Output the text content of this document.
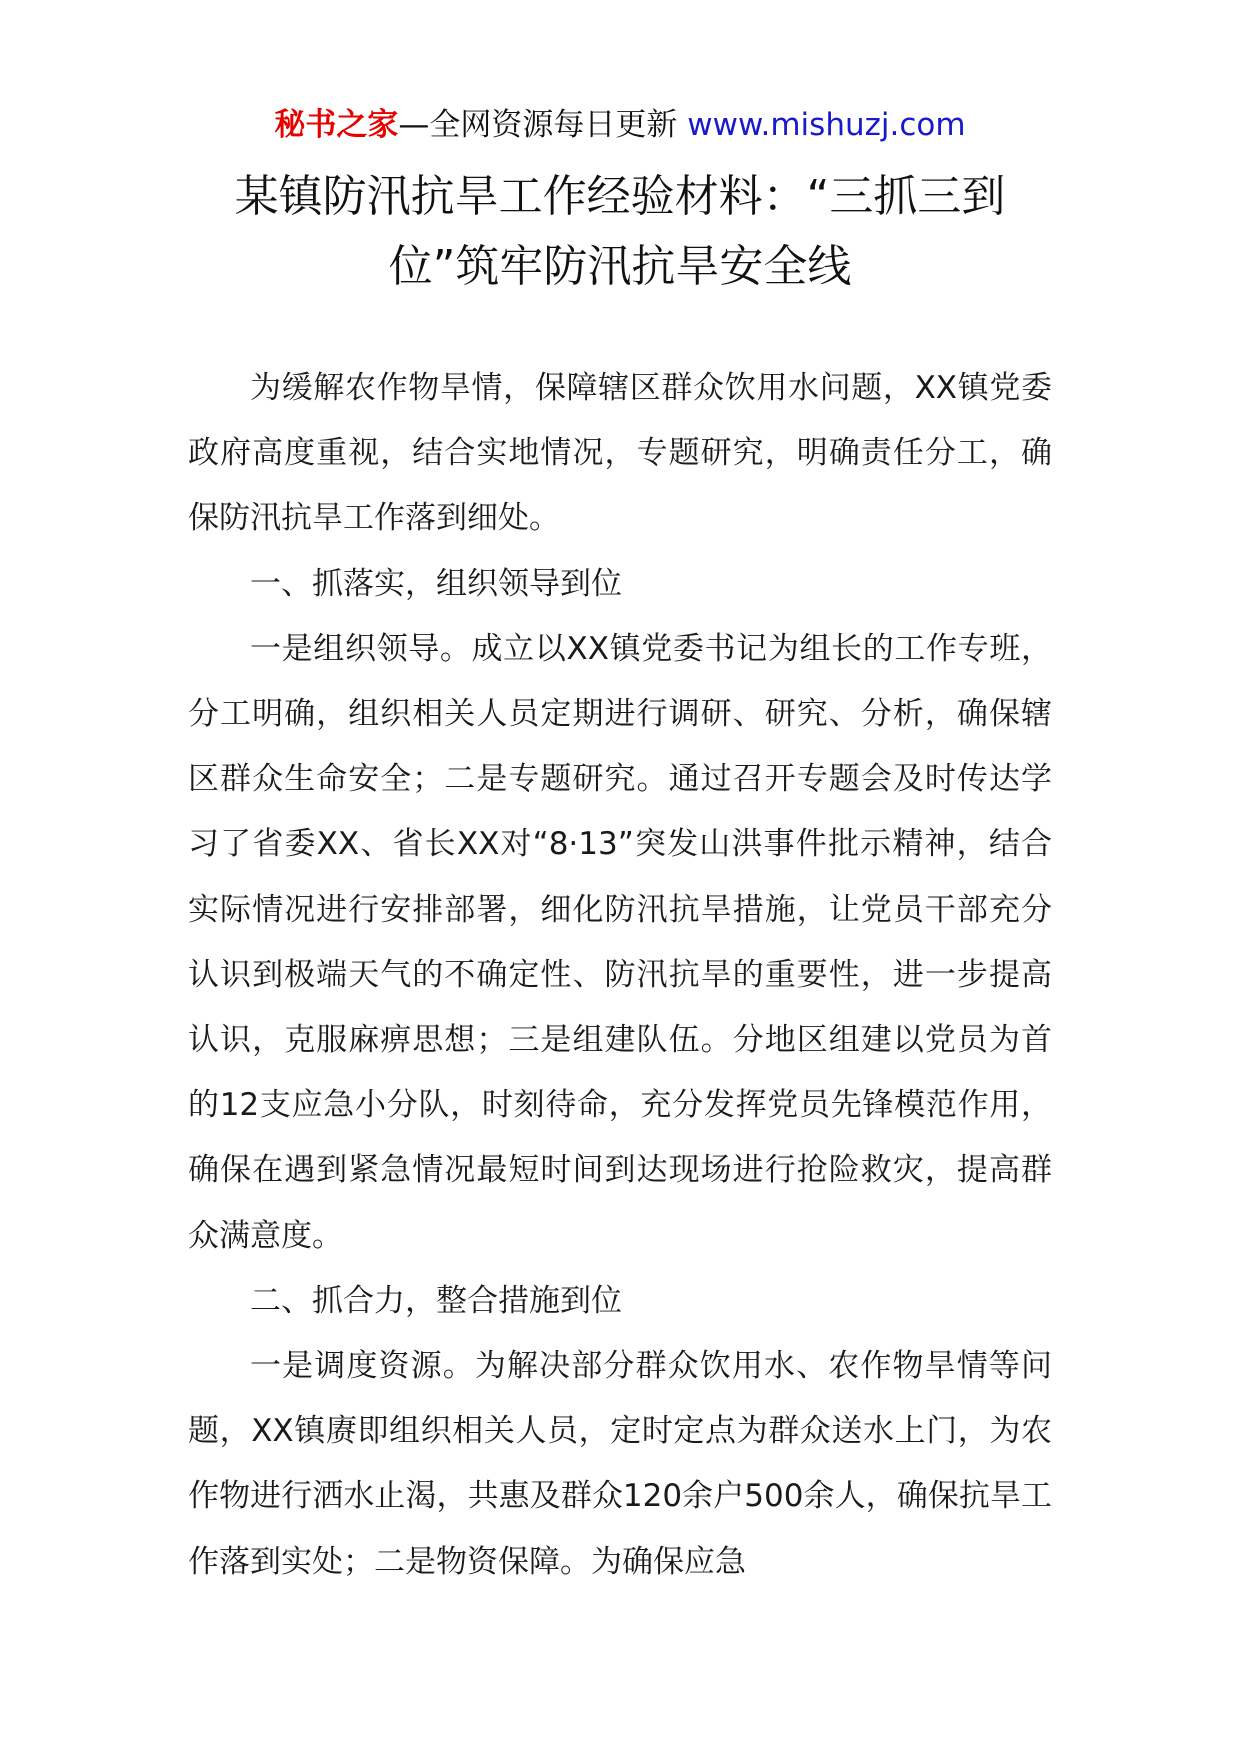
秘书之家—全网资源每日更新 www.mishuzj.com
某镇防汛抗旱工作经验材料：“三抓三到位”筑牢防汛抗旱安全线

为缓解农作物旱情，保障辖区群众饮用水问题，XX镇党委政府高度重视，结合实地情况，专题研究，明确责任分工，确保防汛抗旱工作落到细处。

一、抓落实，组织领导到位

一是组织领导。成立以XX镇党委书记为组长的工作专班，分工明确，组织相关人员定期进行调研、研究、分析，确保辖区群众生命安全；二是专题研究。通过召开专题会及时传达学习了省委XX、省长XX对“8·13”突发山洪事件批示精神，结合实际情况进行安排部署，细化防汛抗旱措施，让党员干部充分认识到极端天气的不确定性、防汛抗旱的重要性，进一步提高认识，克服麻痹思想；三是组建队伍。分地区组建以党员为首的12支应急小分队，时刻待命，充分发挥党员先锋模范作用，确保在遇到紧急情况最短时间到达现场进行抢险救灾，提高群众满意度。

二、抓合力，整合措施到位

一是调度资源。为解决部分群众饮用水、农作物旱情等问题，XX镇赓即组织相关人员，定时定点为群众送水上门，为农作物进行洒水止渴，共惠及群众120余户500余人，确保抗旱工作落到实处；二是物资保障。为确保应急
